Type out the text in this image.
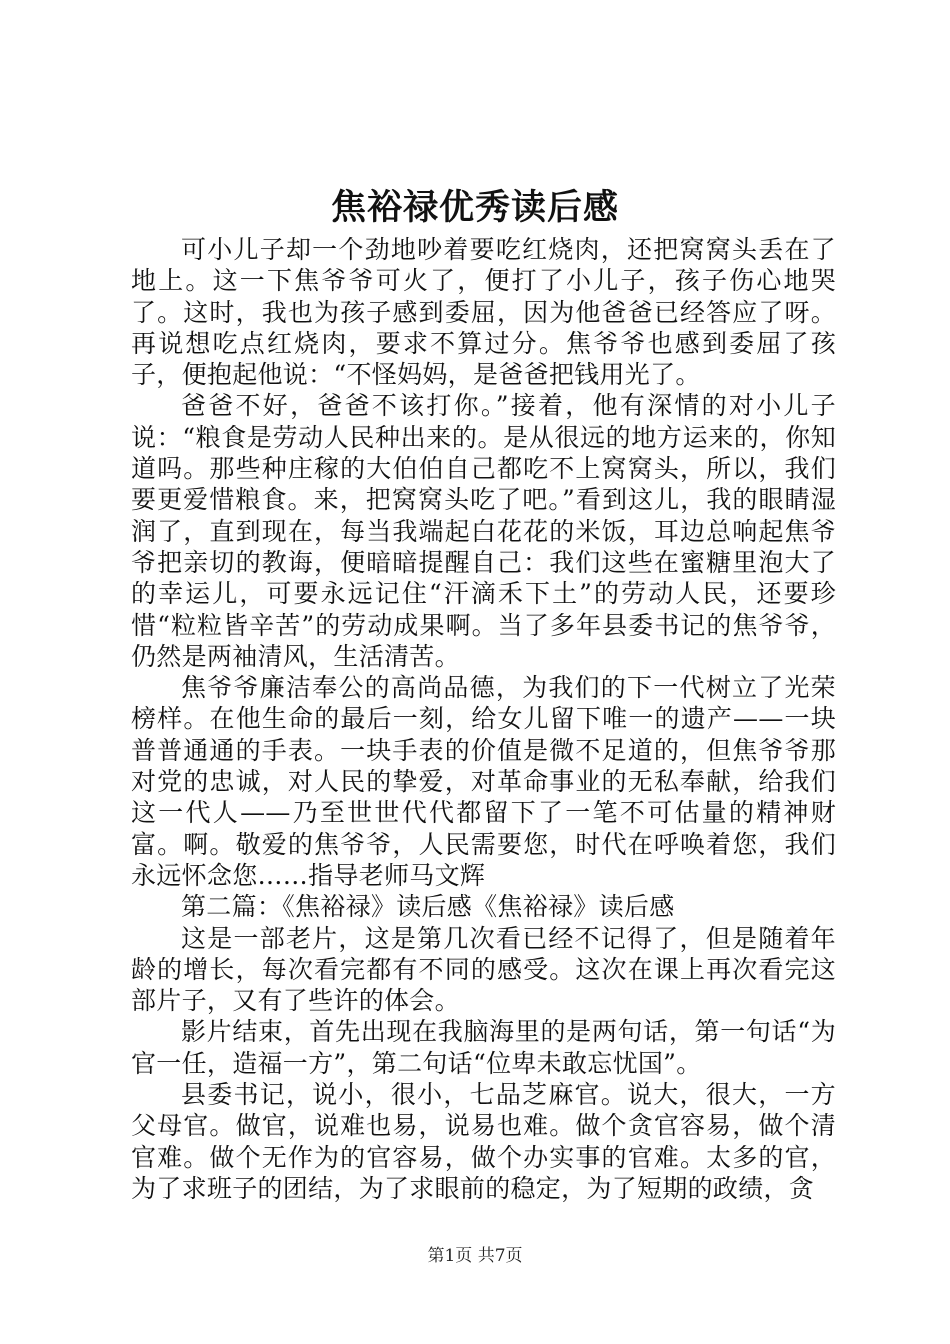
焦裕禄优秀读后感

可小儿子却一个劲地吵着要吃红烧肉，还把窝窝头丢在了地上。这一下焦爷爷可火了，便打了小儿子，孩子伤心地哭了。这时，我也为孩子感到委屈，因为他爸爸已经答应了呀。再说想吃点红烧肉，要求不算过分。焦爷爷也感到委屈了孩子，便抱起他说：“不怪妈妈，是爸爸把钱用光了。

爸爸不好，爸爸不该打你。”接着，他有深情的对小儿子说：“粮食是劳动人民种出来的。是从很远的地方运来的，你知道吗。那些种庄稼的大伯伯自己都吃不上窝窝头，所以，我们要更爱惜粮食。来，把窝窝头吃了吧。”看到这儿，我的眼睛湿润了，直到现在，每当我端起白花花的米饭，耳边总响起焦爷爷把亲切的教诲，便暗暗提醒自己：我们这些在蜜糖里泡大了的幸运儿，可要永远记住“汗滴禾下土”的劳动人民，还要珍惜“粒粒皆辛苦”的劳动成果啊。当了多年县委书记的焦爷爷，仍然是两袖清风，生活清苦。

焦爷爷廉洁奉公的高尚品德，为我们的下一代树立了光荣榜样。在他生命的最后一刻，给女儿留下唯一的遗产——一块普普通通的手表。一块手表的价值是微不足道的，但焦爷爷那对党的忠诚，对人民的挚爱，对革命事业的无私奉献，给我们这一代人——乃至世世代代都留下了一笔不可估量的精神财富。啊。敬爱的焦爷爷，人民需要您，时代在呼唤着您，我们永远怀念您……指导老师马文辉

第二篇：《焦裕禄》读后感《焦裕禄》读后感

这是一部老片，这是第几次看已经不记得了，但是随着年龄的增长，每次看完都有不同的感受。这次在课上再次看完这部片子，又有了些许的体会。

影片结束，首先出现在我脑海里的是两句话，第一句话“为官一任，造福一方”，第二句话“位卑未敢忘忧国”。

县委书记，说小，很小，七品芝麻官。说大，很大，一方父母官。做官，说难也易，说易也难。做个贪官容易，做个清官难。做个无作为的官容易，做个办实事的官难。太多的官，为了求班子的团结，为了求眼前的稳定，为了短期的政绩，贪

第1页 共7页
